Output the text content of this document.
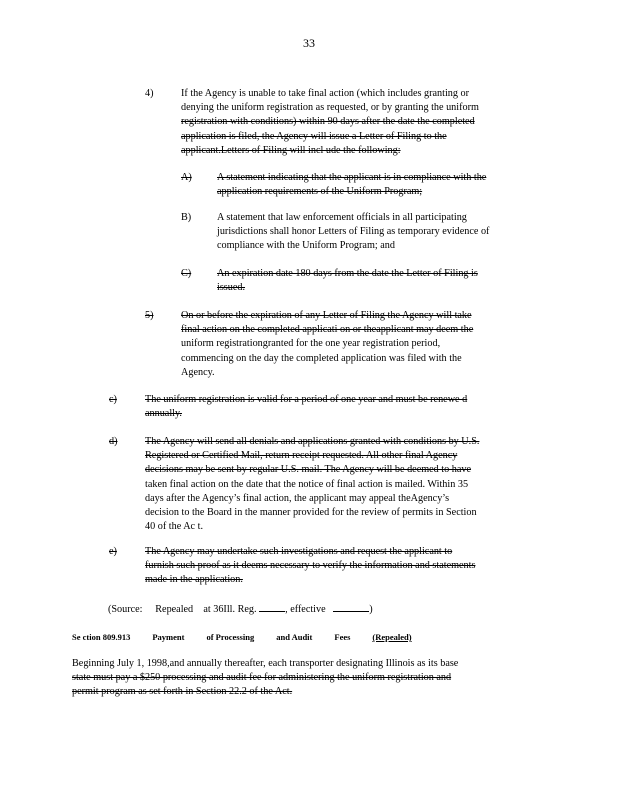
33
4)	If the Agency is unable to take final action (which includes granting or
denying the uniform registration as requested, or by granting the uniform
registration with conditions) within 90 days after the date the completed
application is filed, the Agency will issue a Letter of Filing to the
applicant.Letters of Filing will incl ude the following:
A) A statement indicating that the applicant is in compliance with the
application requirements of the Uniform Program;
B)	A statement that law enforcement officials in all participating
jurisdictions shall honor Letters of Filing as temporary evidence of
compliance with the Uniform Program; and
C)	An expiration date 180 days from the date the Letter of Filing is
issued.
5)	On or before the expiration of any Letter of Filing the Agency will take
final action on the completed applicati on or theapplicant may deem the
uniform registrationgranted for the one year registration period,
commencing on the day the completed application was filed with the
Agency.
c)	The uniform registration is valid for a period of one year and must be renewe d
annually.
d)	The Agency will send all denials and applications granted with conditions by U.S.
Registered or Certified Mail, return receipt requested. All other final Agency
decisions may be sent by regular U.S. mail. The Agency will be deemed to have
taken final action on the date that the notice of final action is mailed. Within 35
days after the Agency’s final action, the applicant may appeal theAgency’s
decision to the Board in the manner provided for the review of permits in Section
40 of the Ac t.
e)	The Agency may undertake such investigations and request the applicant to
furnish such proof as it deems necessary to verify the information and statements
made in the application.
(Source: Repealed at 36Ill. Reg.	, effective	)
Se ction 809.913	Payment	of Processing	and Audit	Fees	(Repealed)
Beginning July 1, 1998,and annually thereafter, each transporter designating Illinois as its base
state must pay a $250 processing and audit fee for administering the uniform registration and
permit program as set forth in Section 22.2 of the Act.
